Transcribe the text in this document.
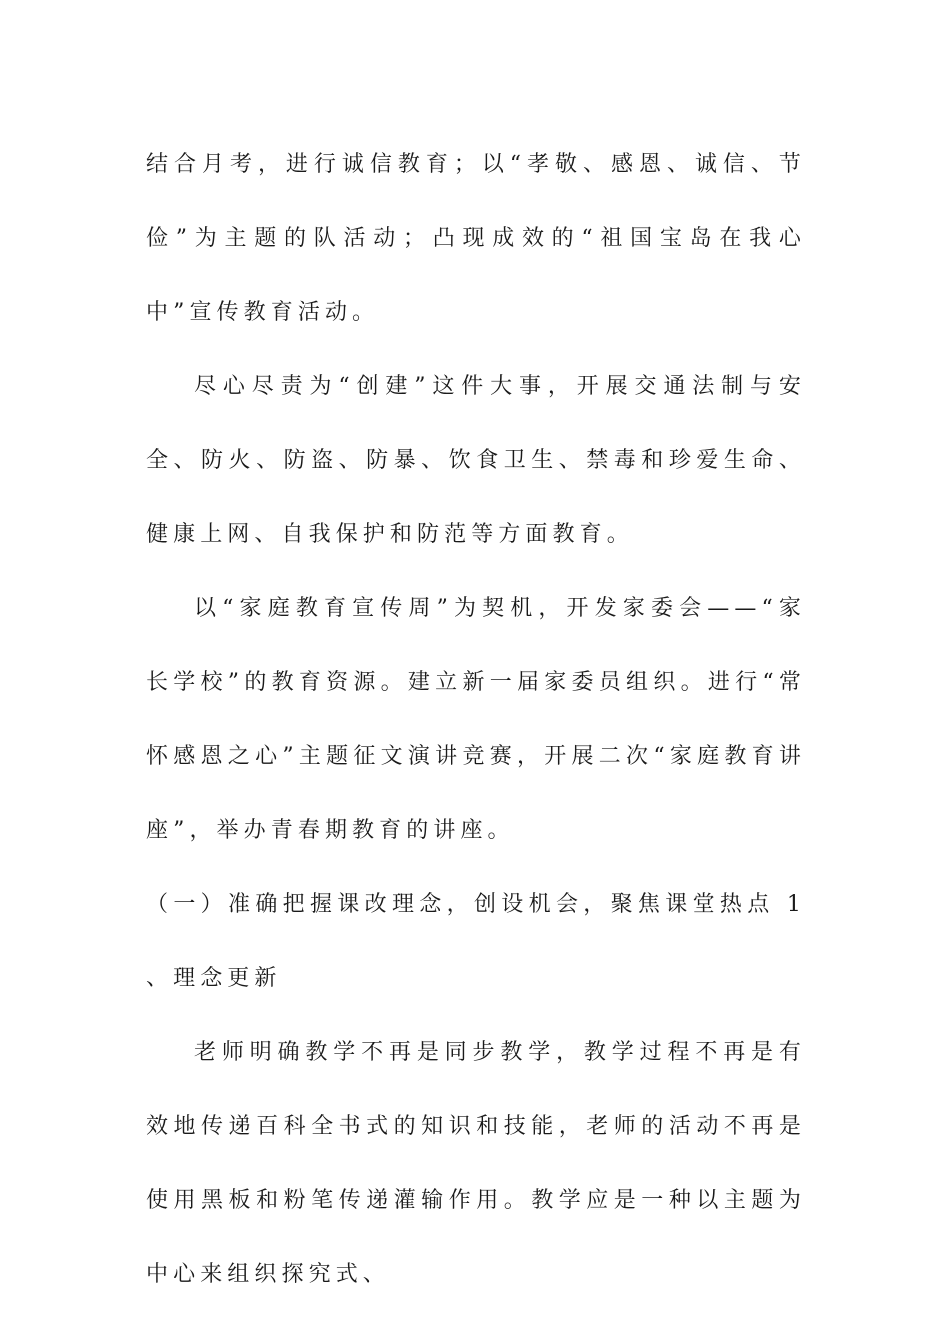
结合月考，进行诚信教育；以“孝敬、感恩、诚信、节俭”为主题的队活动；凸现成效的“祖国宝岛在我心中”宣传教育活动。

尽心尽责为“创建”这件大事，开展交通法制与安全、防火、防盗、防暴、饮食卫生、禁毒和珍爱生命、健康上网、自我保护和防范等方面教育。

以“家庭教育宣传周”为契机，开发家委会——“家长学校”的教育资源。建立新一届家委员组织。进行“常怀感恩之心”主题征文演讲竞赛，开展二次“家庭教育讲座”，举办青春期教育的讲座。

（一）准确把握课改理念，创设机会，聚焦课堂热点 1 、理念更新

老师明确教学不再是同步教学，教学过程不再是有效地传递百科全书式的知识和技能，老师的活动不再是使用黑板和粉笔传递灌输作用。教学应是一种以主题为中心来组织探究式、
